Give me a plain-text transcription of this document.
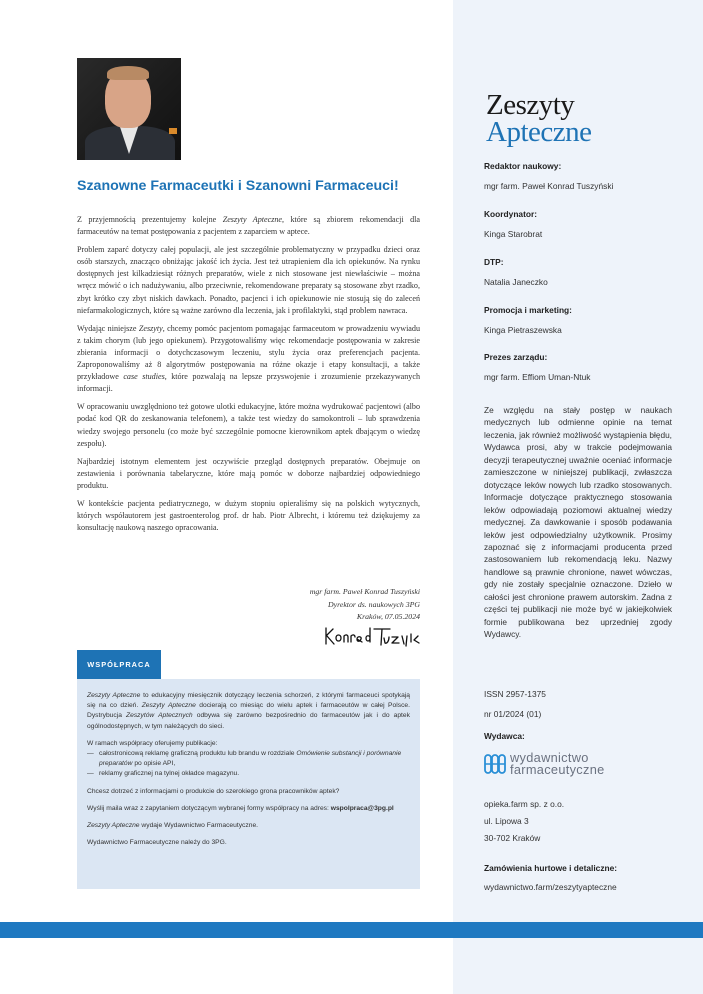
Szanowne Farmaceutki i Szanowni Farmaceuci!

Z przyjemnością prezentujemy kolejne Zeszyty Apteczne, które są zbiorem rekomendacji dla farmaceutów na temat postępowania z pacjentem z zaparciem w aptece.

Problem zaparć dotyczy całej populacji, ale jest szczególnie problematyczny w przypadku dzieci oraz osób starszych, znacząco obniżając jakość ich życia. Jest też utrapieniem dla ich opiekunów. Na rynku dostępnych jest kilkadziesiąt różnych preparatów, wiele z nich stosowane jest niewłaściwie – można wręcz mówić o ich nadużywaniu, albo przeciwnie, rekomendowane preparaty są stosowane zbyt rzadko, zbyt krótko czy zbyt niskich dawkach. Ponadto, pacjenci i ich opiekunowie nie stosują się do zaleceń niefarmakologicznych, które są ważne zarówno dla leczenia, jak i profilaktyki, stąd problem nawraca.

Wydając niniejsze Zeszyty, chcemy pomóc pacjentom pomagając farmaceutom w prowadzeniu wywiadu z takim chorym (lub jego opiekunem). Przygotowaliśmy więc rekomendacje postępowania w zakresie zbierania informacji o dotychczasowym leczeniu, stylu życia oraz preferencjach pacjenta. Zaproponowaliśmy aż 8 algorytmów postępowania na różne okazje i etapy konsultacji, a także przykładowe case studies, które pozwalają na lepsze przyswojenie i zrozumienie przekazywanych informacji.

W opracowaniu uwzględniono też gotowe ulotki edukacyjne, które można wydrukować pacjentowi (albo podać kod QR do zeskanowania telefonem), a także test wiedzy do samokontroli – lub sprawdzenia wiedzy swojego personelu (co może być szczególnie pomocne kierownikom aptek dbającym o wiedzę zespołu).

Najbardziej istotnym elementem jest oczywiście przegląd dostępnych preparatów. Obejmuje on zestawienia i porównania tabelaryczne, które mają pomóc w doborze najbardziej odpowiedniego produktu.

W kontekście pacjenta pediatrycznego, w dużym stopniu opieraliśmy się na polskich wytycznych, których współautorem jest gastroenterolog prof. dr hab. Piotr Albrecht, i któremu też dziękujemy za konsultację naukową naszego opracowania.

mgr farm. Paweł Konrad Tuszyński
Dyrektor ds. naukowych 3PG
Kraków, 07.05.2024
WSPÓŁPRACA

Zeszyty Apteczne to edukacyjny miesięcznik dotyczący leczenia schorzeń, z którymi farmaceuci spotykają się na co dzień. Zeszyty Apteczne docierają co miesiąc do wielu aptek i farmaceutów w całej Polsce. Dystrybucja Zeszytów Aptecznych odbywa się zarówno bezpośrednio do farmaceutów jak i do aptek ogólnodostępnych, w tym należących do sieci.

W ramach współpracy oferujemy publikacje:
— całostronicową reklamę graficzną produktu lub brandu w rozdziale Omówienie substancji i porównanie preparatów po opisie API,
— reklamy graficznej na tylnej okładce magazynu.

Chcesz dotrzeć z informacjami o produkcie do szerokiego grona pracowników aptek?

Wyślij maila wraz z zapytaniem dotyczącym wybranej formy współpracy na adres: wspolpraca@3pg.pl

Zeszyty Apteczne wydaje Wydawnictwo Farmaceutyczne.

Wydawnictwo Farmaceutyczne należy do 3PG.

Zeszyty
Apteczne
Redaktor naukowy:
mgr farm. Paweł Konrad Tuszyński
Koordynator:
Kinga Starobrat
DTP:
Natalia Janeczko
Promocja i marketing:
Kinga Pietraszewska
Prezes zarządu:
mgr farm. Effiom Uman-Ntuk
Ze względu na stały postęp w naukach medycznych lub odmienne opinie na temat leczenia, jak również możliwość wystąpienia błędu, Wydawca prosi, aby w trakcie podejmowania decyzji terapeutycznej uważnie oceniać informacje zamieszczone w niniejszej publikacji, zwłaszcza dotyczące leków nowych lub rzadko stosowanych. Informacje dotyczące praktycznego stosowania leków odpowiadają poziomowi aktualnej wiedzy medycznej. Za dawkowanie i sposób podawania leków jest odpowiedzialny użytkownik. Prosimy zapoznać się z informacjami producenta przed zastosowaniem lub rekomendacją leku. Nazwy handlowe są prawnie chronione, nawet wówczas, gdy nie zostały specjalnie oznaczone. Dzieło w całości jest chronione prawem autorskim. Żadna z części tej publikacji nie może być w jakiejkolwiek formie publikowana bez uprzedniej zgody Wydawcy.
ISSN 2957-1375
nr 01/2024 (01)
Wydawca:
wydawnictwo
farmaceutyczne
opieka.farm sp. z o.o.
ul. Lipowa 3
30-702 Kraków
Zamówienia hurtowe i detaliczne:
wydawnictwo.farm/zeszytyapteczne
